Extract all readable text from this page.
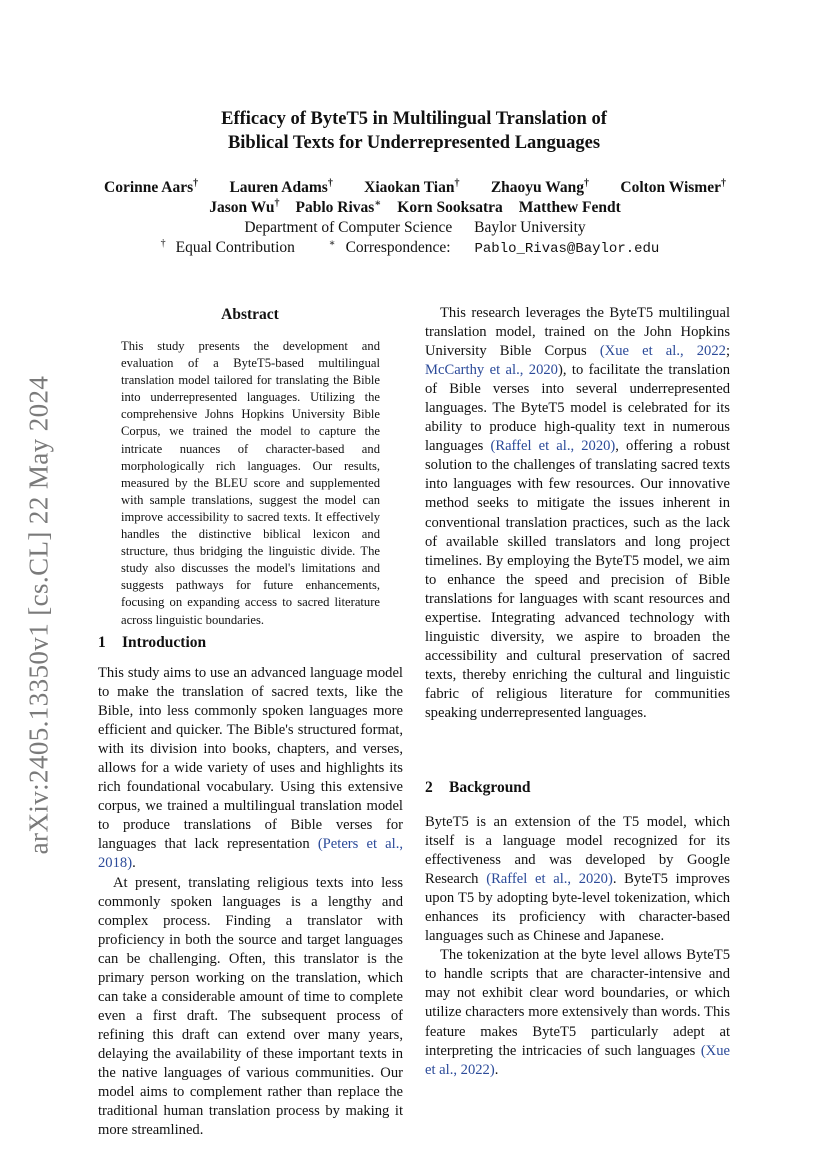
arXiv:2405.13350v1 [cs.CL] 22 May 2024
Efficacy of ByteT5 in Multilingual Translation of
Biblical Texts for Underrepresented Languages
Corinne Aars† Lauren Adams† Xiaokan Tian† Zhaoyu Wang† Colton Wismer†
Jason Wu† Pablo Rivas∗ Korn Sooksatra Matthew Fendt
Department of Computer Science Baylor University
† Equal Contribution	∗ Correspondence: Pablo_Rivas@Baylor.edu
Abstract

This study presents the development and evaluation of a ByteT5-based multilingual translation model tailored for translating the Bible into underrepresented languages. Utilizing the comprehensive Johns Hopkins University Bible Corpus, we trained the model to capture the intricate nuances of character-based and morphologically rich languages. Our results, measured by the BLEU score and supplemented with sample translations, suggest the model can improve accessibility to sacred texts. It effectively handles the distinctive biblical lexicon and structure, thus bridging the linguistic divide. The study also discusses the model's limitations and suggests pathways for future enhancements, focusing on expanding access to sacred literature across linguistic boundaries.

1 Introduction

This study aims to use an advanced language model to make the translation of sacred texts, like the Bible, into less commonly spoken languages more efficient and quicker. The Bible's structured format, with its division into books, chapters, and verses, allows for a wide variety of uses and highlights its rich foundational vocabulary. Using this extensive corpus, we trained a multilingual translation model to produce translations of Bible verses for languages that lack representation (Peters et al., 2018).

At present, translating religious texts into less commonly spoken languages is a lengthy and complex process. Finding a translator with proficiency in both the source and target languages can be challenging. Often, this translator is the primary person working on the translation, which can take a considerable amount of time to complete even a first draft. The subsequent process of refining this draft can extend over many years, delaying the availability of these important texts in the native languages of various communities. Our model aims to complement rather than replace the traditional human translation process by making it more streamlined.

This research leverages the ByteT5 multilingual translation model, trained on the John Hopkins University Bible Corpus (Xue et al., 2022; McCarthy et al., 2020), to facilitate the translation of Bible verses into several underrepresented languages. The ByteT5 model is celebrated for its ability to produce high-quality text in numerous languages (Raffel et al., 2020), offering a robust solution to the challenges of translating sacred texts into languages with few resources. Our innovative method seeks to mitigate the issues inherent in conventional translation practices, such as the lack of available skilled translators and long project timelines. By employing the ByteT5 model, we aim to enhance the speed and precision of Bible translations for languages with scant resources and expertise. Integrating advanced technology with linguistic diversity, we aspire to broaden the accessibility and cultural preservation of sacred texts, thereby enriching the cultural and linguistic fabric of religious literature for communities speaking underrepresented languages.

2 Background

ByteT5 is an extension of the T5 model, which itself is a language model recognized for its effectiveness and was developed by Google Research (Raffel et al., 2020). ByteT5 improves upon T5 by adopting byte-level tokenization, which enhances its proficiency with character-based languages such as Chinese and Japanese.

The tokenization at the byte level allows ByteT5 to handle scripts that are character-intensive and may not exhibit clear word boundaries, or which utilize characters more extensively than words. This feature makes ByteT5 particularly adept at interpreting the intricacies of such languages (Xue et al., 2022).
